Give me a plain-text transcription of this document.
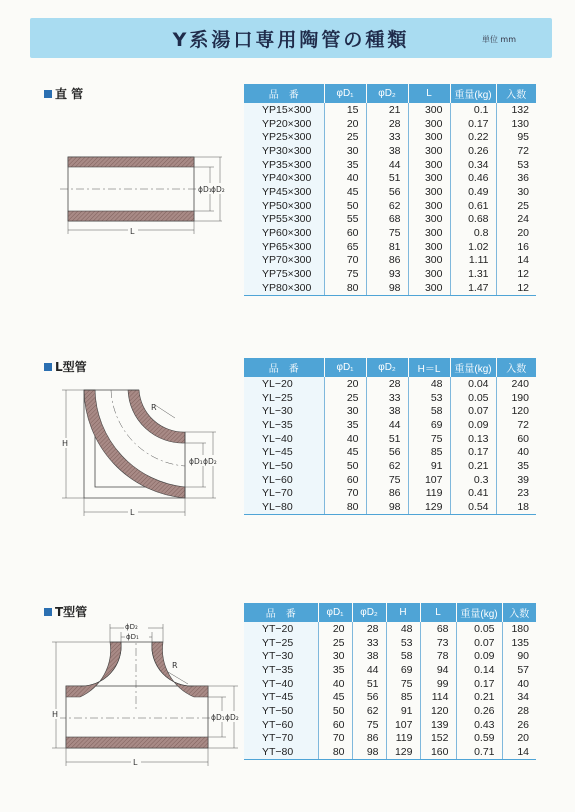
Y系湯口専用陶管の種類	単位 mm
直 管
L型管
T型管
品　番	φD₁	φD₂	L	重量(kg)	入数
YP15×300	15	21	300	0.1	132
YP20×300	20	28	300	0.17	130
YP25×300	25	33	300	0.22	95
YP30×300	30	38	300	0.26	72
YP35×300	35	44	300	0.34	53
YP40×300	40	51	300	0.46	36
YP45×300	45	56	300	0.49	30
YP50×300	50	62	300	0.61	25
YP55×300	55	68	300	0.68	24
YP60×300	60	75	300	0.8	20
YP65×300	65	81	300	1.02	16
YP70×300	70	86	300	1.11	14
YP75×300	75	93	300	1.31	12
YP80×300	80	98	300	1.47	12
品　番	φD₁	φD₂	H＝L	重量(kg)	入数
YL−20	20	28	48	0.04	240
YL−25	25	33	53	0.05	190
YL−30	30	38	58	0.07	120
YL−35	35	44	69	0.09	72
YL−40	40	51	75	0.13	60
YL−45	45	56	85	0.17	40
YL−50	50	62	91	0.21	35
YL−60	60	75	107	0.3	39
YL−70	70	86	119	0.41	23
YL−80	80	98	129	0.54	18
品　番	φD₁	φD₂	H	L	重量(kg)	入数
YT−20	20	28	48	68	0.05	180
YT−25	25	33	53	73	0.07	135
YT−30	30	38	58	78	0.09	90
YT−35	35	44	69	94	0.14	57
YT−40	40	51	75	99	0.17	40
YT−45	45	56	85	114	0.21	34
YT−50	50	62	91	120	0.26	28
YT−60	60	75	107	139	0.43	26
YT−70	70	86	119	152	0.59	20
YT−80	80	98	129	160	0.71	14
ϕD₁ ϕD₂
L
R
H
L
ϕD₁ ϕD₂
ϕD₂
ϕD₁
R
H
L
ϕD₁ ϕD₂
